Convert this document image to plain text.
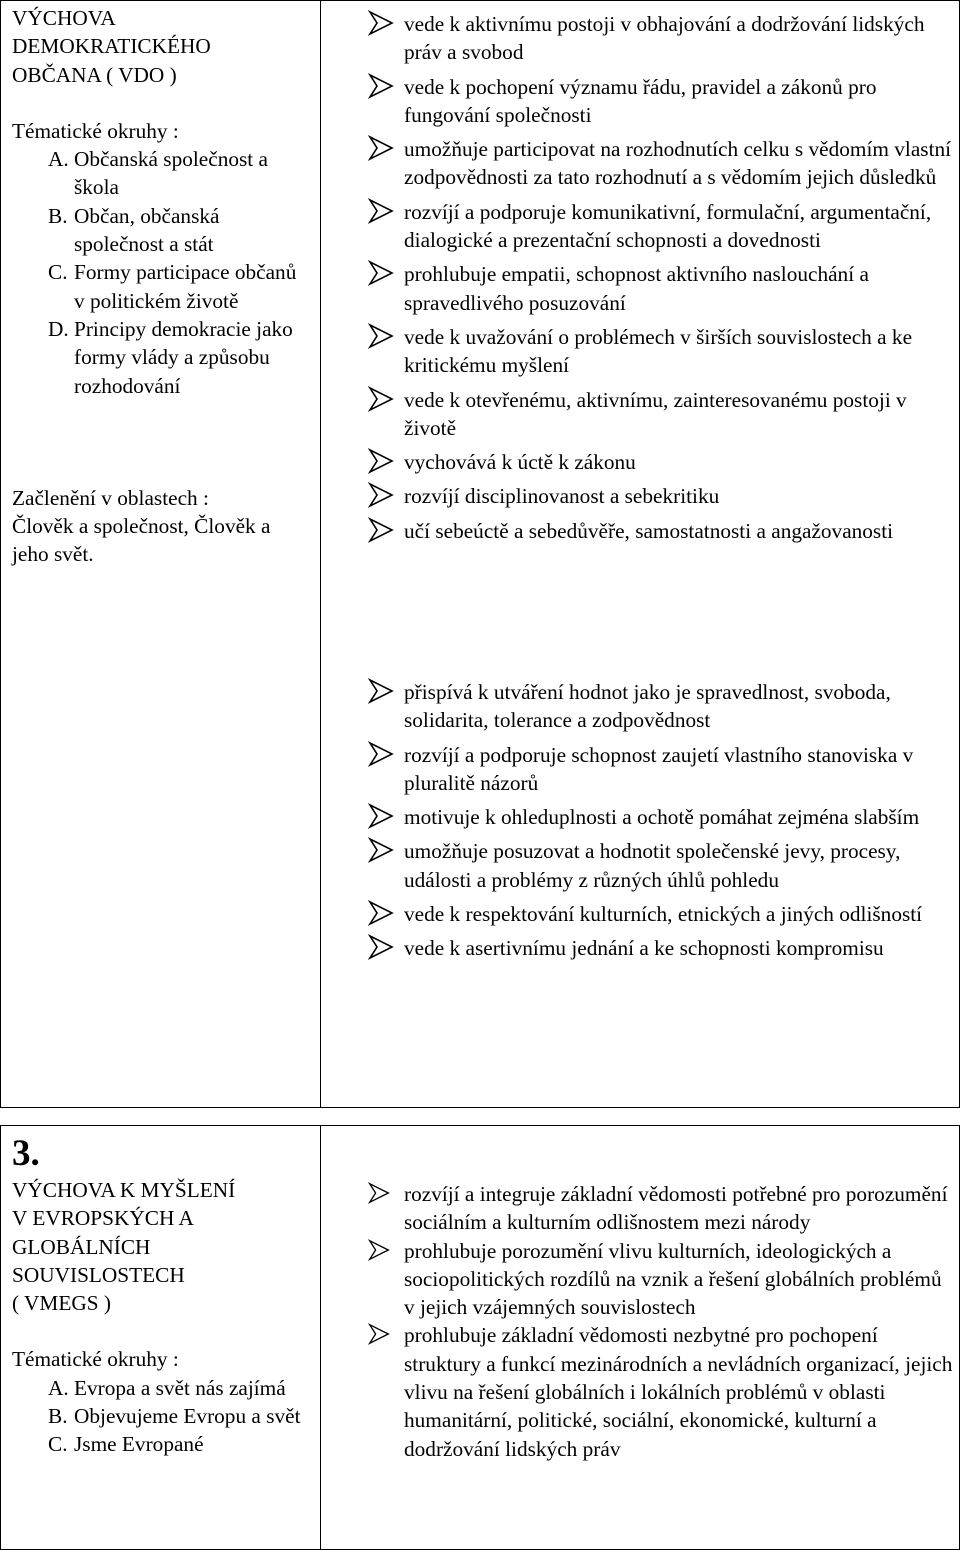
VÝCHOVA
DEMOKRATICKÉHO
OBČANA ( VDO )
Tématické okruhy :
A. Občanská společnost a škola
B. Občan, občanská společnost a stát
C. Formy participace občanů v politickém životě
D. Principy demokracie jako formy vlády a způsobu rozhodování
Začlenění v oblastech :
Člověk a společnost, Člověk a jeho svět.
vede k aktivnímu postoji v obhajování a dodržování lidských práv a svobod
vede k pochopení významu řádu, pravidel a zákonů pro fungování společnosti
umožňuje participovat na rozhodnutích celku s vědomím vlastní zodpovědnosti za tato rozhodnutí a s vědomím jejich důsledků
rozvíjí a podporuje komunikativní, formulační, argumentační, dialogické a prezentační schopnosti a dovednosti
prohlubuje empatii, schopnost aktivního naslouchání a spravedlivého posuzování
vede k uvažování o problémech v širších souvislostech a ke kritickému myšlení
vede k otevřenému, aktivnímu, zainteresovanému postoji v životě
vychovává k úctě k zákonu
rozvíjí disciplinovanost a sebekritiku
učí sebeúctě a sebedůvěře, samostatnosti a angažovanosti
přispívá k utváření hodnot jako je spravedlnost, svoboda, solidarita, tolerance a zodpovědnost
rozvíjí a podporuje schopnost zaujetí vlastního stanoviska v pluralitě názorů
motivuje k ohleduplnosti a ochotě pomáhat zejména slabším
umožňuje posuzovat a hodnotit společenské jevy, procesy, události a problémy z různých úhlů pohledu
vede k respektování kulturních, etnických a jiných odlišností
vede k asertivnímu jednání a ke schopnosti kompromisu
3.
VÝCHOVA K MYŠLENÍ
V EVROPSKÝCH A
GLOBÁLNÍCH
SOUVISLOSTECH
( VMEGS )
Tématické okruhy :
A. Evropa a svět nás zajímá
B. Objevujeme Evropu a svět
C. Jsme Evropané
rozvíjí a integruje základní vědomosti potřebné pro porozumění sociálním a kulturním odlišnostem mezi národy
prohlubuje porozumění vlivu kulturních, ideologických a sociopolitických rozdílů na vznik a řešení globálních problémů v jejich vzájemných souvislostech
prohlubuje základní vědomosti nezbytné pro pochopení struktury a funkcí mezinárodních a nevládních organizací, jejich vlivu na řešení globálních i lokálních problémů v oblasti humanitární, politické, sociální, ekonomické, kulturní a dodržování lidských práv
